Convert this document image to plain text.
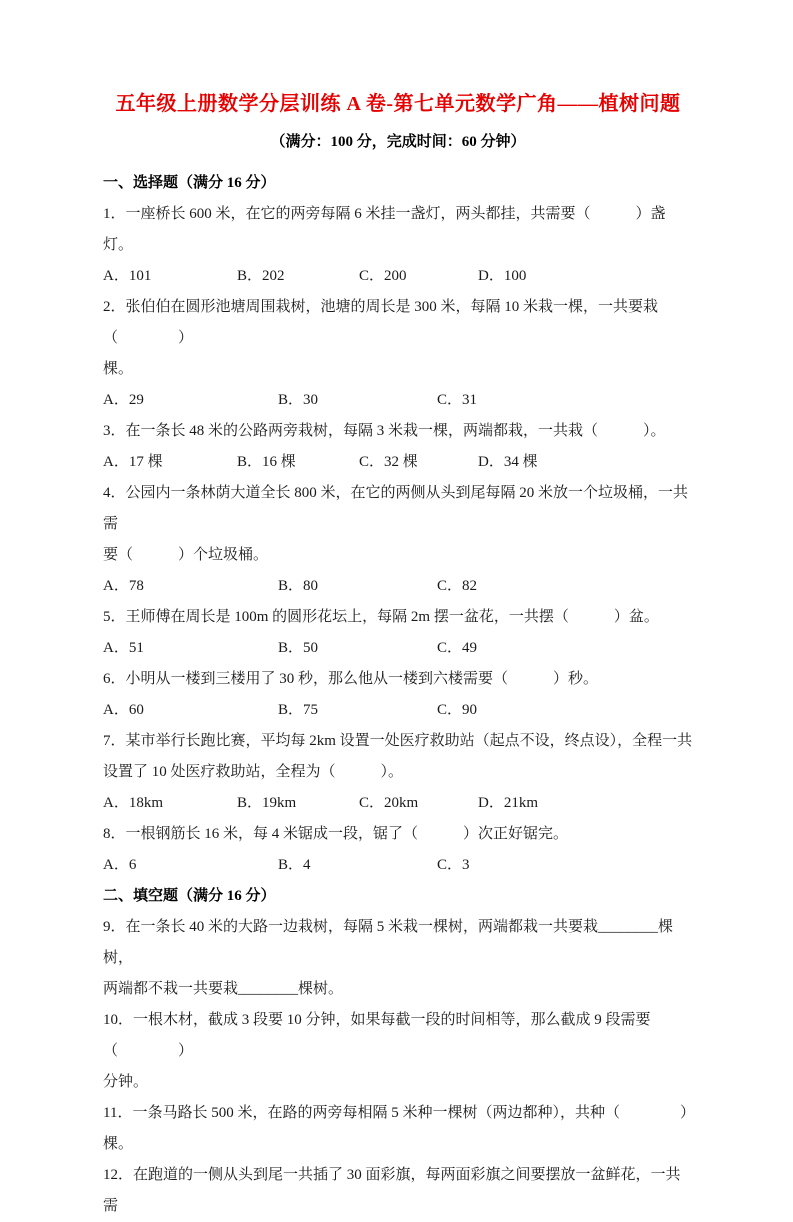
五年级上册数学分层训练 A 卷-第七单元数学广角——植树问题
（满分：100 分，完成时间：60 分钟）
一、选择题（满分 16 分）
1．一座桥长 600 米，在它的两旁每隔 6 米挂一盏灯，两头都挂，共需要（　　　）盏灯。
A．101	B．202	C．200	D．100
2．张伯伯在圆形池塘周围栽树，池塘的周长是 300 米，每隔 10 米栽一棵，一共要栽（　　　　）
棵。
A．29	B．30	C．31
3．在一条长 48 米的公路两旁栽树，每隔 3 米栽一棵，两端都栽，一共栽（　　　）。
A．17 棵	B．16 棵	C．32 棵	D．34 棵
4．公园内一条林荫大道全长 800 米，在它的两侧从头到尾每隔 20 米放一个垃圾桶，一共需
要（　　　）个垃圾桶。
A．78	B．80	C．82
5．王师傅在周长是 100m 的圆形花坛上，每隔 2m 摆一盆花，一共摆（　　　）盆。
A．51	B．50	C．49
6．小明从一楼到三楼用了 30 秒，那么他从一楼到六楼需要（　　　）秒。
A．60	B．75	C．90
7．某市举行长跑比赛，平均每 2km 设置一处医疗救助站（起点不设，终点设），全程一共
设置了 10 处医疗救助站，全程为（　　　）。
A．18km	B．19km	C．20km	D．21km
8．一根钢筋长 16 米，每 4 米锯成一段，锯了（　　　）次正好锯完。
A．6	B．4	C．3
二、填空题（满分 16 分）
9．在一条长 40 米的大路一边栽树，每隔 5 米栽一棵树，两端都栽一共要栽________棵树，
两端都不栽一共要栽________棵树。
10．一根木材，截成 3 段要 10 分钟，如果每截一段的时间相等，那么截成 9 段需要（　　　　）
分钟。
11．一条马路长 500 米，在路的两旁每相隔 5 米种一棵树（两边都种），共种（　　　　）
棵。
12．在跑道的一侧从头到尾一共插了 30 面彩旗，每两面彩旗之间要摆放一盆鲜花，一共需
